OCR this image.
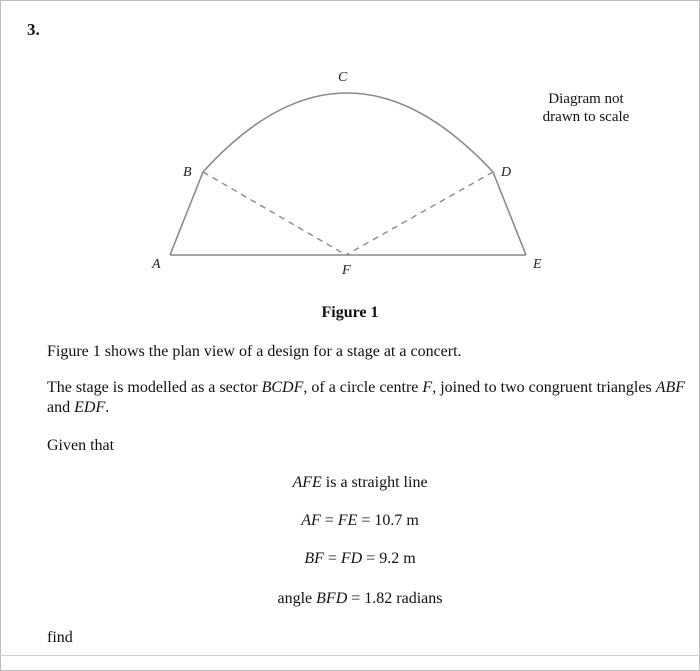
3.
A
B
C
D
E
F
Diagram not
drawn to scale
Figure 1
Figure 1 shows the plan view of a design for a stage at a concert.
The stage is modelled as a sector BCDF, of a circle centre F, joined to two congruent triangles ABF and EDF.
Given that
AFE is a straight line
AF = FE = 10.7 m
BF = FD = 9.2 m
angle BFD = 1.82 radians
find
